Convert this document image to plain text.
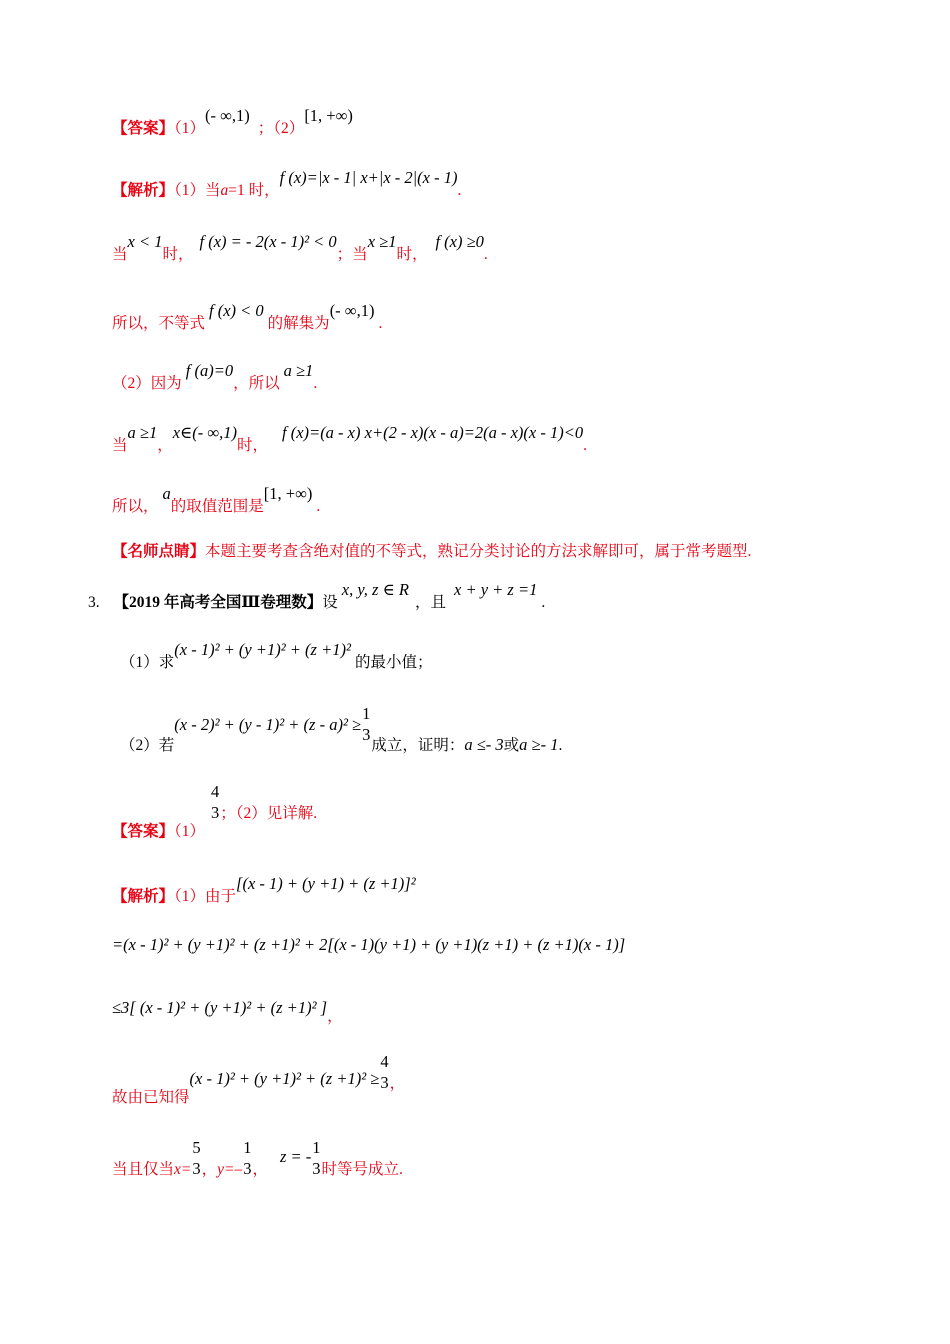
【答案】（1）(- ∞,1)；（2）[1, +∞)
【解析】（1）当a=1 时，f (x)=|x - 1| x+|x - 2|(x - 1).
当x < 1时，f (x) = - 2(x - 1)² < 0；当x ≥1时，f (x) ≥0.
所以，不等式f (x) < 0的解集为(- ∞,1).
（2）因为f (a)=0，所以a ≥1.
当a ≥1，x∈(- ∞,1)时，f (x)=(a - x) x+(2 - x)(x - a)=2(a - x)(x - 1)<0.
所以，a的取值范围是[1, +∞).
【名师点睛】本题主要考查含绝对值的不等式，熟记分类讨论的方法求解即可，属于常考题型.
3. 【2019 年高考全国Ⅲ卷理数】设x, y, z ∈ R，且x + y + z =1.
（1）求(x - 1)² + (y +1)² + (z +1)²的最小值；
（2）若(x - 2)² + (y - 1)² + (z - a)² ≥
1
3
成立，证明：a ≤- 3或a ≥- 1.
【答案】（1）
4
3 ；（2）见详解.
【解析】（1）由于[(x - 1) + (y +1) + (z +1)]²
=(x - 1)² + (y +1)² + (z +1)² + 2[(x - 1)(y +1) + (y +1)(z +1) + (z +1)(x - 1)]
≤3[ (x - 1)² + (y +1)² + (z +1)² ]，
故由已知得(x - 1)² + (y +1)² + (z +1)² ≥
4
3 ，
当且仅当x=
5
3 ，y=–
1
3 ，z = - 1
3 时等号成立.
